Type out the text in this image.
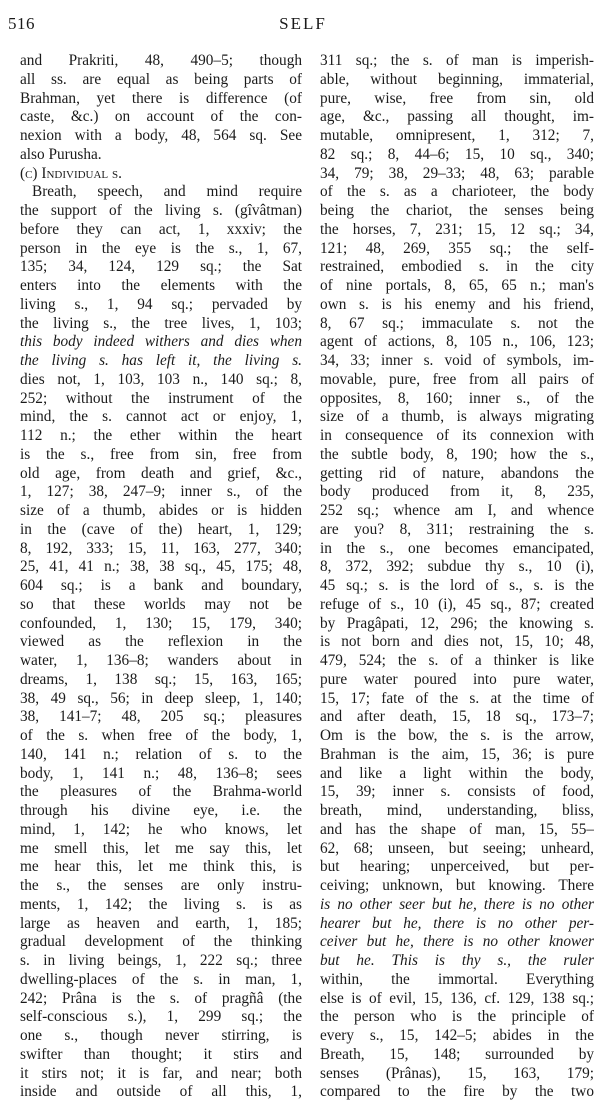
516	SELF
and Prakriti, 48, 490–5; though
all ss. are equal as being parts of
Brahman, yet there is difference (of
caste, &c.) on account of the con-
nexion with a body, 48, 564 sq. See
also Purusha.
(c) Individual s.
Breath, speech, and mind require
the support of the living s. (gîvâtman)
before they can act, 1, xxxiv; the
person in the eye is the s., 1, 67,
135; 34, 124, 129 sq.; the Sat
enters into the elements with the
living s., 1, 94 sq.; pervaded by
the living s., the tree lives, 1, 103;
this body indeed withers and dies when
the living s. has left it, the living s.
dies not, 1, 103, 103 n., 140 sq.; 8,
252; without the instrument of the
mind, the s. cannot act or enjoy, 1,
112 n.; the ether within the heart
is the s., free from sin, free from
old age, from death and grief, &c.,
1, 127; 38, 247–9; inner s., of the
size of a thumb, abides or is hidden
in the (cave of the) heart, 1, 129;
8, 192, 333; 15, 11, 163, 277, 340;
25, 41, 41 n.; 38, 38 sq., 45, 175; 48,
604 sq.; is a bank and boundary,
so that these worlds may not be
confounded, 1, 130; 15, 179, 340;
viewed as the reflexion in the
water, 1, 136–8; wanders about in
dreams, 1, 138 sq.; 15, 163, 165;
38, 49 sq., 56; in deep sleep, 1, 140;
38, 141–7; 48, 205 sq.; pleasures
of the s. when free of the body, 1,
140, 141 n.; relation of s. to the
body, 1, 141 n.; 48, 136–8; sees
the pleasures of the Brahma-world
through his divine eye, i.e. the
mind, 1, 142; he who knows, let
me smell this, let me say this, let
me hear this, let me think this, is
the s., the senses are only instru-
ments, 1, 142; the living s. is as
large as heaven and earth, 1, 185;
gradual development of the thinking
s. in living beings, 1, 222 sq.; three
dwelling-places of the s. in man, 1,
242; Prâna is the s. of pragñâ (the
self-conscious s.), 1, 299 sq.; the
one s., though never stirring, is
swifter than thought; it stirs and
it stirs not; it is far, and near; both
inside and outside of all this, 1,
311 sq.; the s. of man is imperish-
able, without beginning, immaterial,
pure, wise, free from sin, old
age, &c., passing all thought, im-
mutable, omnipresent, 1, 312; 7,
82 sq.; 8, 44–6; 15, 10 sq., 340;
34, 79; 38, 29–33; 48, 63; parable
of the s. as a charioteer, the body
being the chariot, the senses being
the horses, 7, 231; 15, 12 sq.; 34,
121; 48, 269, 355 sq.; the self-
restrained, embodied s. in the city
of nine portals, 8, 65, 65 n.; man's
own s. is his enemy and his friend,
8, 67 sq.; immaculate s. not the
agent of actions, 8, 105 n., 106, 123;
34, 33; inner s. void of symbols, im-
movable, pure, free from all pairs of
opposites, 8, 160; inner s., of the
size of a thumb, is always migrating
in consequence of its connexion with
the subtle body, 8, 190; how the s.,
getting rid of nature, abandons the
body produced from it, 8, 235,
252 sq.; whence am I, and whence
are you? 8, 311; restraining the s.
in the s., one becomes emancipated,
8, 372, 392; subdue thy s., 10 (i),
45 sq.; s. is the lord of s., s. is the
refuge of s., 10 (i), 45 sq., 87; created
by Pragâpati, 12, 296; the knowing s.
is not born and dies not, 15, 10; 48,
479, 524; the s. of a thinker is like
pure water poured into pure water,
15, 17; fate of the s. at the time of
and after death, 15, 18 sq., 173–7;
Om is the bow, the s. is the arrow,
Brahman is the aim, 15, 36; is pure
and like a light within the body,
15, 39; inner s. consists of food,
breath, mind, understanding, bliss,
and has the shape of man, 15, 55–
62, 68; unseen, but seeing; unheard,
but hearing; unperceived, but per-
ceiving; unknown, but knowing. There
is no other seer but he, there is no other
hearer but he, there is no other per-
ceiver but he, there is no other knower
but he. This is thy s., the ruler
within, the immortal. Everything
else is of evil, 15, 136, cf. 129, 138 sq.;
the person who is the principle of
every s., 15, 142–5; abides in the
Breath, 15, 148; surrounded by
senses (Prânas), 15, 163, 179;
compared to the fire by the two
